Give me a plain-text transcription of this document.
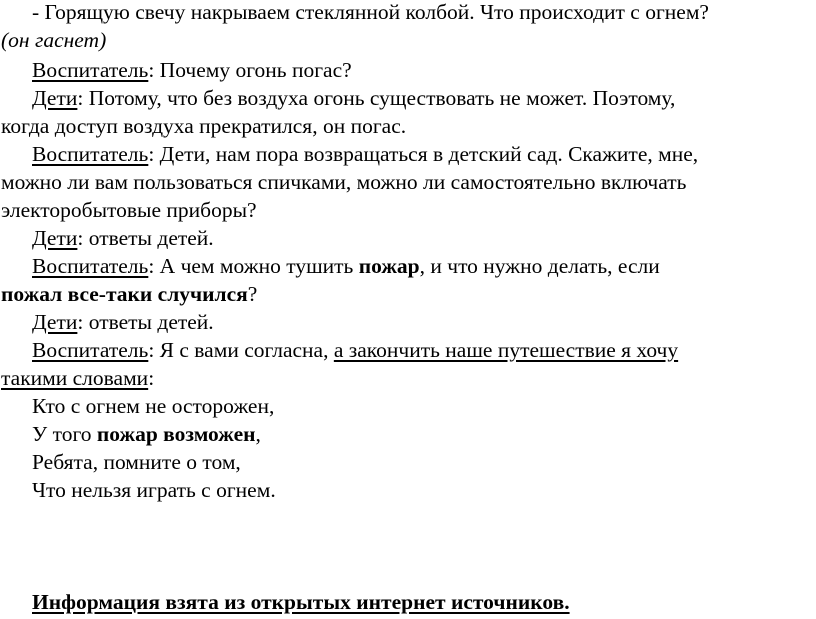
- Горящую свечу накрываем стеклянной колбой. Что происходит с огнем?
(он гаснет)
Воспитатель: Почему огонь погас?
Дети: Потому, что без воздуха огонь существовать не может. Поэтому,
когда доступ воздуха прекратился, он погас.
Воспитатель: Дети, нам пора возвращаться в детский сад. Скажите, мне,
можно ли вам пользоваться спичками, можно ли самостоятельно включать
электоробытовые приборы?
Дети: ответы детей.
Воспитатель: А чем можно тушить пожар, и что нужно делать, если
пожал все-таки случился?
Дети: ответы детей.
Воспитатель: Я с вами согласна, а закончить наше путешествие я хочу
такими словами:
Кто с огнем не осторожен,
У того пожар возможен,
Ребята, помните о том,
Что нельзя играть с огнем.
Информация взята из открытых интернет источников.
